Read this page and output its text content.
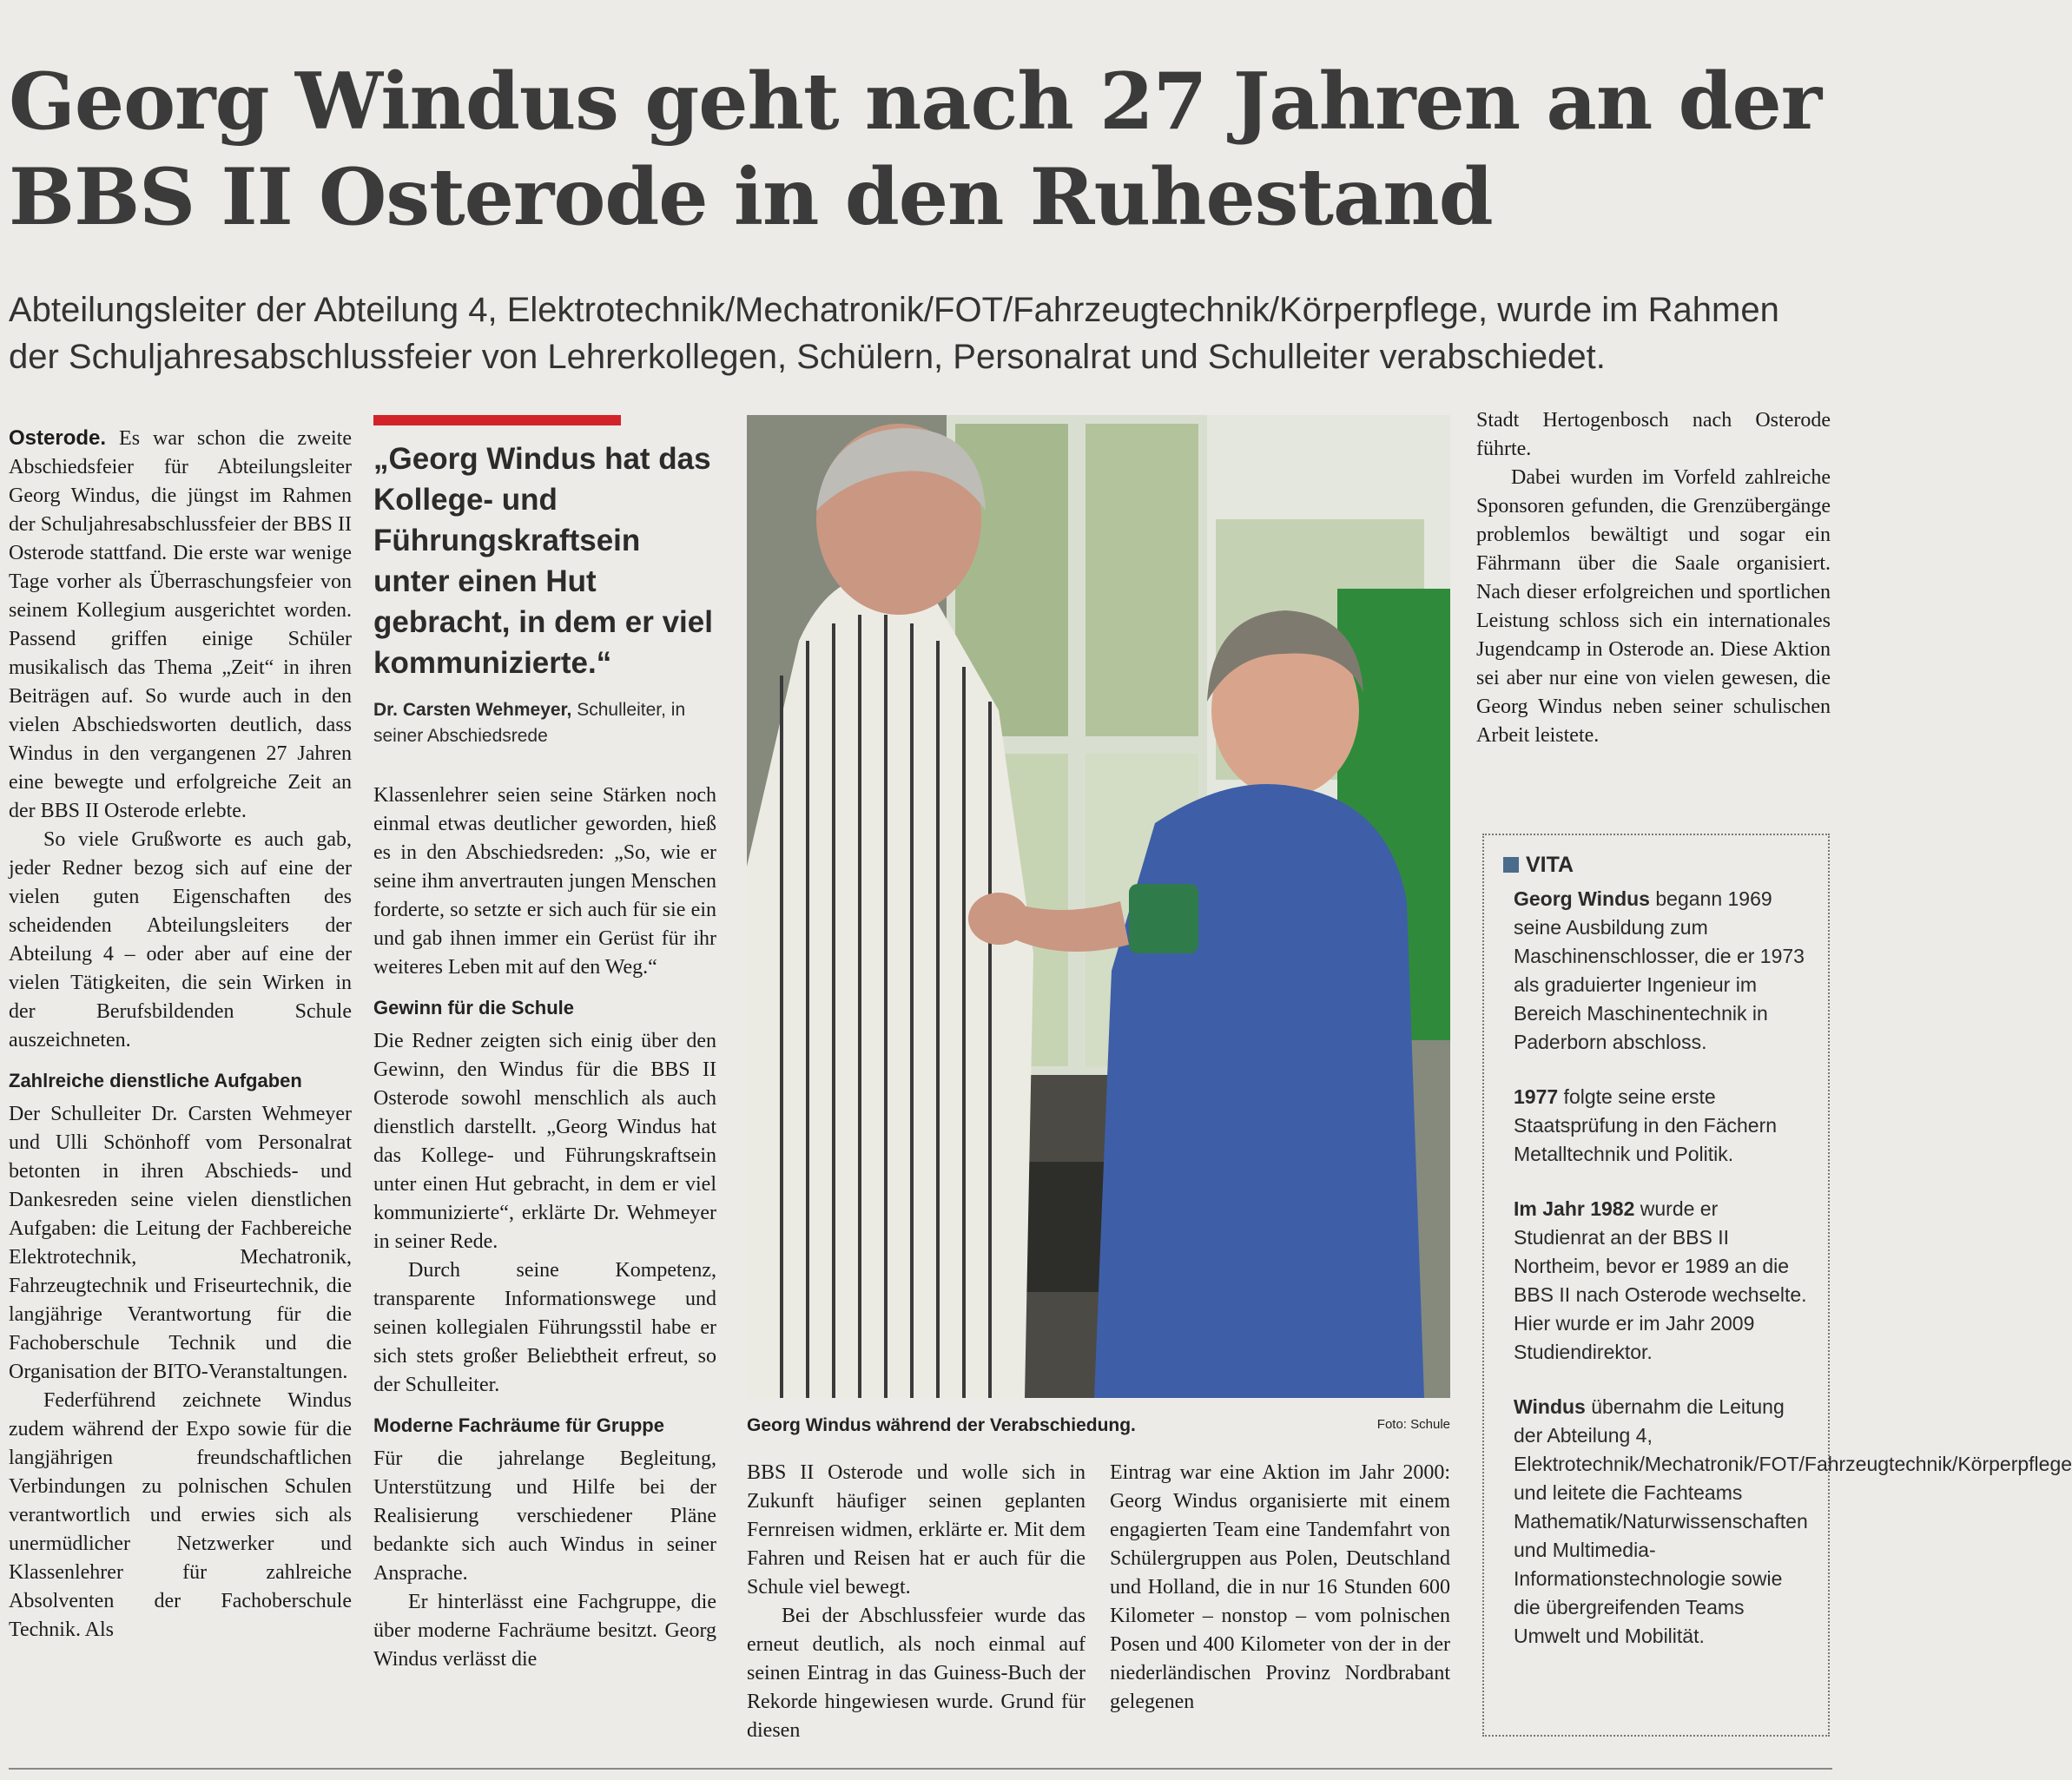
Georg Windus geht nach 27 Jahren an der BBS II Osterode in den Ruhestand

Abteilungsleiter der Abteilung 4, Elektrotechnik/Mechatronik/FOT/Fahrzeugtechnik/Körperpflege, wurde im Rahmen der Schuljahresabschlussfeier von Lehrerkollegen, Schülern, Personalrat und Schulleiter verabschiedet.

Osterode. Es war schon die zweite Abschiedsfeier für Abteilungsleiter Georg Windus, die jüngst im Rahmen der Schuljahresabschlussfeier der BBS II Osterode stattfand. Die erste war wenige Tage vorher als Überraschungsfeier von seinem Kollegium ausgerichtet worden. Passend griffen einige Schüler musikalisch das Thema „Zeit“ in ihren Beiträgen auf. So wurde auch in den vielen Abschiedsworten deutlich, dass Windus in den vergangenen 27 Jahren eine bewegte und erfolgreiche Zeit an der BBS II Osterode erlebte.

So viele Grußworte es auch gab, jeder Redner bezog sich auf eine der vielen guten Eigenschaften des scheidenden Abteilungsleiters der Abteilung 4 – oder aber auf eine der vielen Tätigkeiten, die sein Wirken in der Berufsbildenden Schule auszeichneten.

Zahlreiche dienstliche Aufgaben

Der Schulleiter Dr. Carsten Wehmeyer und Ulli Schönhoff vom Personalrat betonten in ihren Abschieds- und Dankesreden seine vielen dienstlichen Aufgaben: die Leitung der Fachbereiche Elektrotechnik, Mechatronik, Fahrzeugtechnik und Friseurtechnik, die langjährige Verantwortung für die Fachoberschule Technik und die Organisation der BITO-Veranstaltungen.

Federführend zeichnete Windus zudem während der Expo sowie für die langjährigen freundschaftlichen Verbindungen zu polnischen Schulen verantwortlich und erwies sich als unermüdlicher Netzwerker und Klassenlehrer für zahlreiche Absolventen der Fachoberschule Technik. Als

„Georg Windus hat das Kollege- und Führungskraftsein unter einen Hut gebracht, in dem er viel kommunizierte.“

Dr. Carsten Wehmeyer, Schulleiter, in seiner Abschiedsrede

Klassenlehrer seien seine Stärken noch einmal etwas deutlicher geworden, hieß es in den Abschiedsreden: „So, wie er seine ihm anvertrauten jungen Menschen forderte, so setzte er sich auch für sie ein und gab ihnen immer ein Gerüst für ihr weiteres Leben mit auf den Weg.“

Gewinn für die Schule

Die Redner zeigten sich einig über den Gewinn, den Windus für die BBS II Osterode sowohl menschlich als auch dienstlich darstellt. „Georg Windus hat das Kollege- und Führungskraftsein unter einen Hut gebracht, in dem er viel kommunizierte“, erklärte Dr. Wehmeyer in seiner Rede.

Durch seine Kompetenz, transparente Informationswege und seinen kollegialen Führungsstil habe er sich stets großer Beliebtheit erfreut, so der Schulleiter.

Moderne Fachräume für Gruppe

Für die jahrelange Begleitung, Unterstützung und Hilfe bei der Realisierung verschiedener Pläne bedankte sich auch Windus in seiner Ansprache.

Er hinterlässt eine Fachgruppe, die über moderne Fachräume besitzt. Georg Windus verlässt die

Georg Windus während der Verabschiedung.	Foto: Schule

BBS II Osterode und wolle sich in Zukunft häufiger seinen geplanten Fernreisen widmen, erklärte er. Mit dem Fahren und Reisen hat er auch für die Schule viel bewegt.

Bei der Abschlussfeier wurde das erneut deutlich, als noch einmal auf seinen Eintrag in das Guiness-Buch der Rekorde hingewiesen wurde. Grund für diesen

Eintrag war eine Aktion im Jahr 2000: Georg Windus organisierte mit einem engagierten Team eine Tandemfahrt von Schülergruppen aus Polen, Deutschland und Holland, die in nur 16 Stunden 600 Kilometer – nonstop – vom polnischen Posen und 400 Kilometer von der in der niederländischen Provinz Nordbrabant gelegenen

Stadt Hertogenbosch nach Osterode führte.

Dabei wurden im Vorfeld zahlreiche Sponsoren gefunden, die Grenzübergänge problemlos bewältigt und sogar ein Fährmann über die Saale organisiert. Nach dieser erfolgreichen und sportlichen Leistung schloss sich ein internationales Jugendcamp in Osterode an. Diese Aktion sei aber nur eine von vielen gewesen, die Georg Windus neben seiner schulischen Arbeit leistete.

VITA

Georg Windus begann 1969 seine Ausbildung zum Maschinenschlosser, die er 1973 als graduierter Ingenieur im Bereich Maschinentechnik in Paderborn abschloss.

1977 folgte seine erste Staatsprüfung in den Fächern Metalltechnik und Politik.

Im Jahr 1982 wurde er Studienrat an der BBS II Northeim, bevor er 1989 an die BBS II nach Osterode wechselte. Hier wurde er im Jahr 2009 Studiendirektor.

Windus übernahm die Leitung der Abteilung 4, Elektrotechnik/Mechatronik/FOT/Fahrzeugtechnik/Körperpflege und leitete die Fachteams Mathematik/Naturwissenschaften und Multimedia-Informationstechnologie sowie die übergreifenden Teams Umwelt und Mobilität.
